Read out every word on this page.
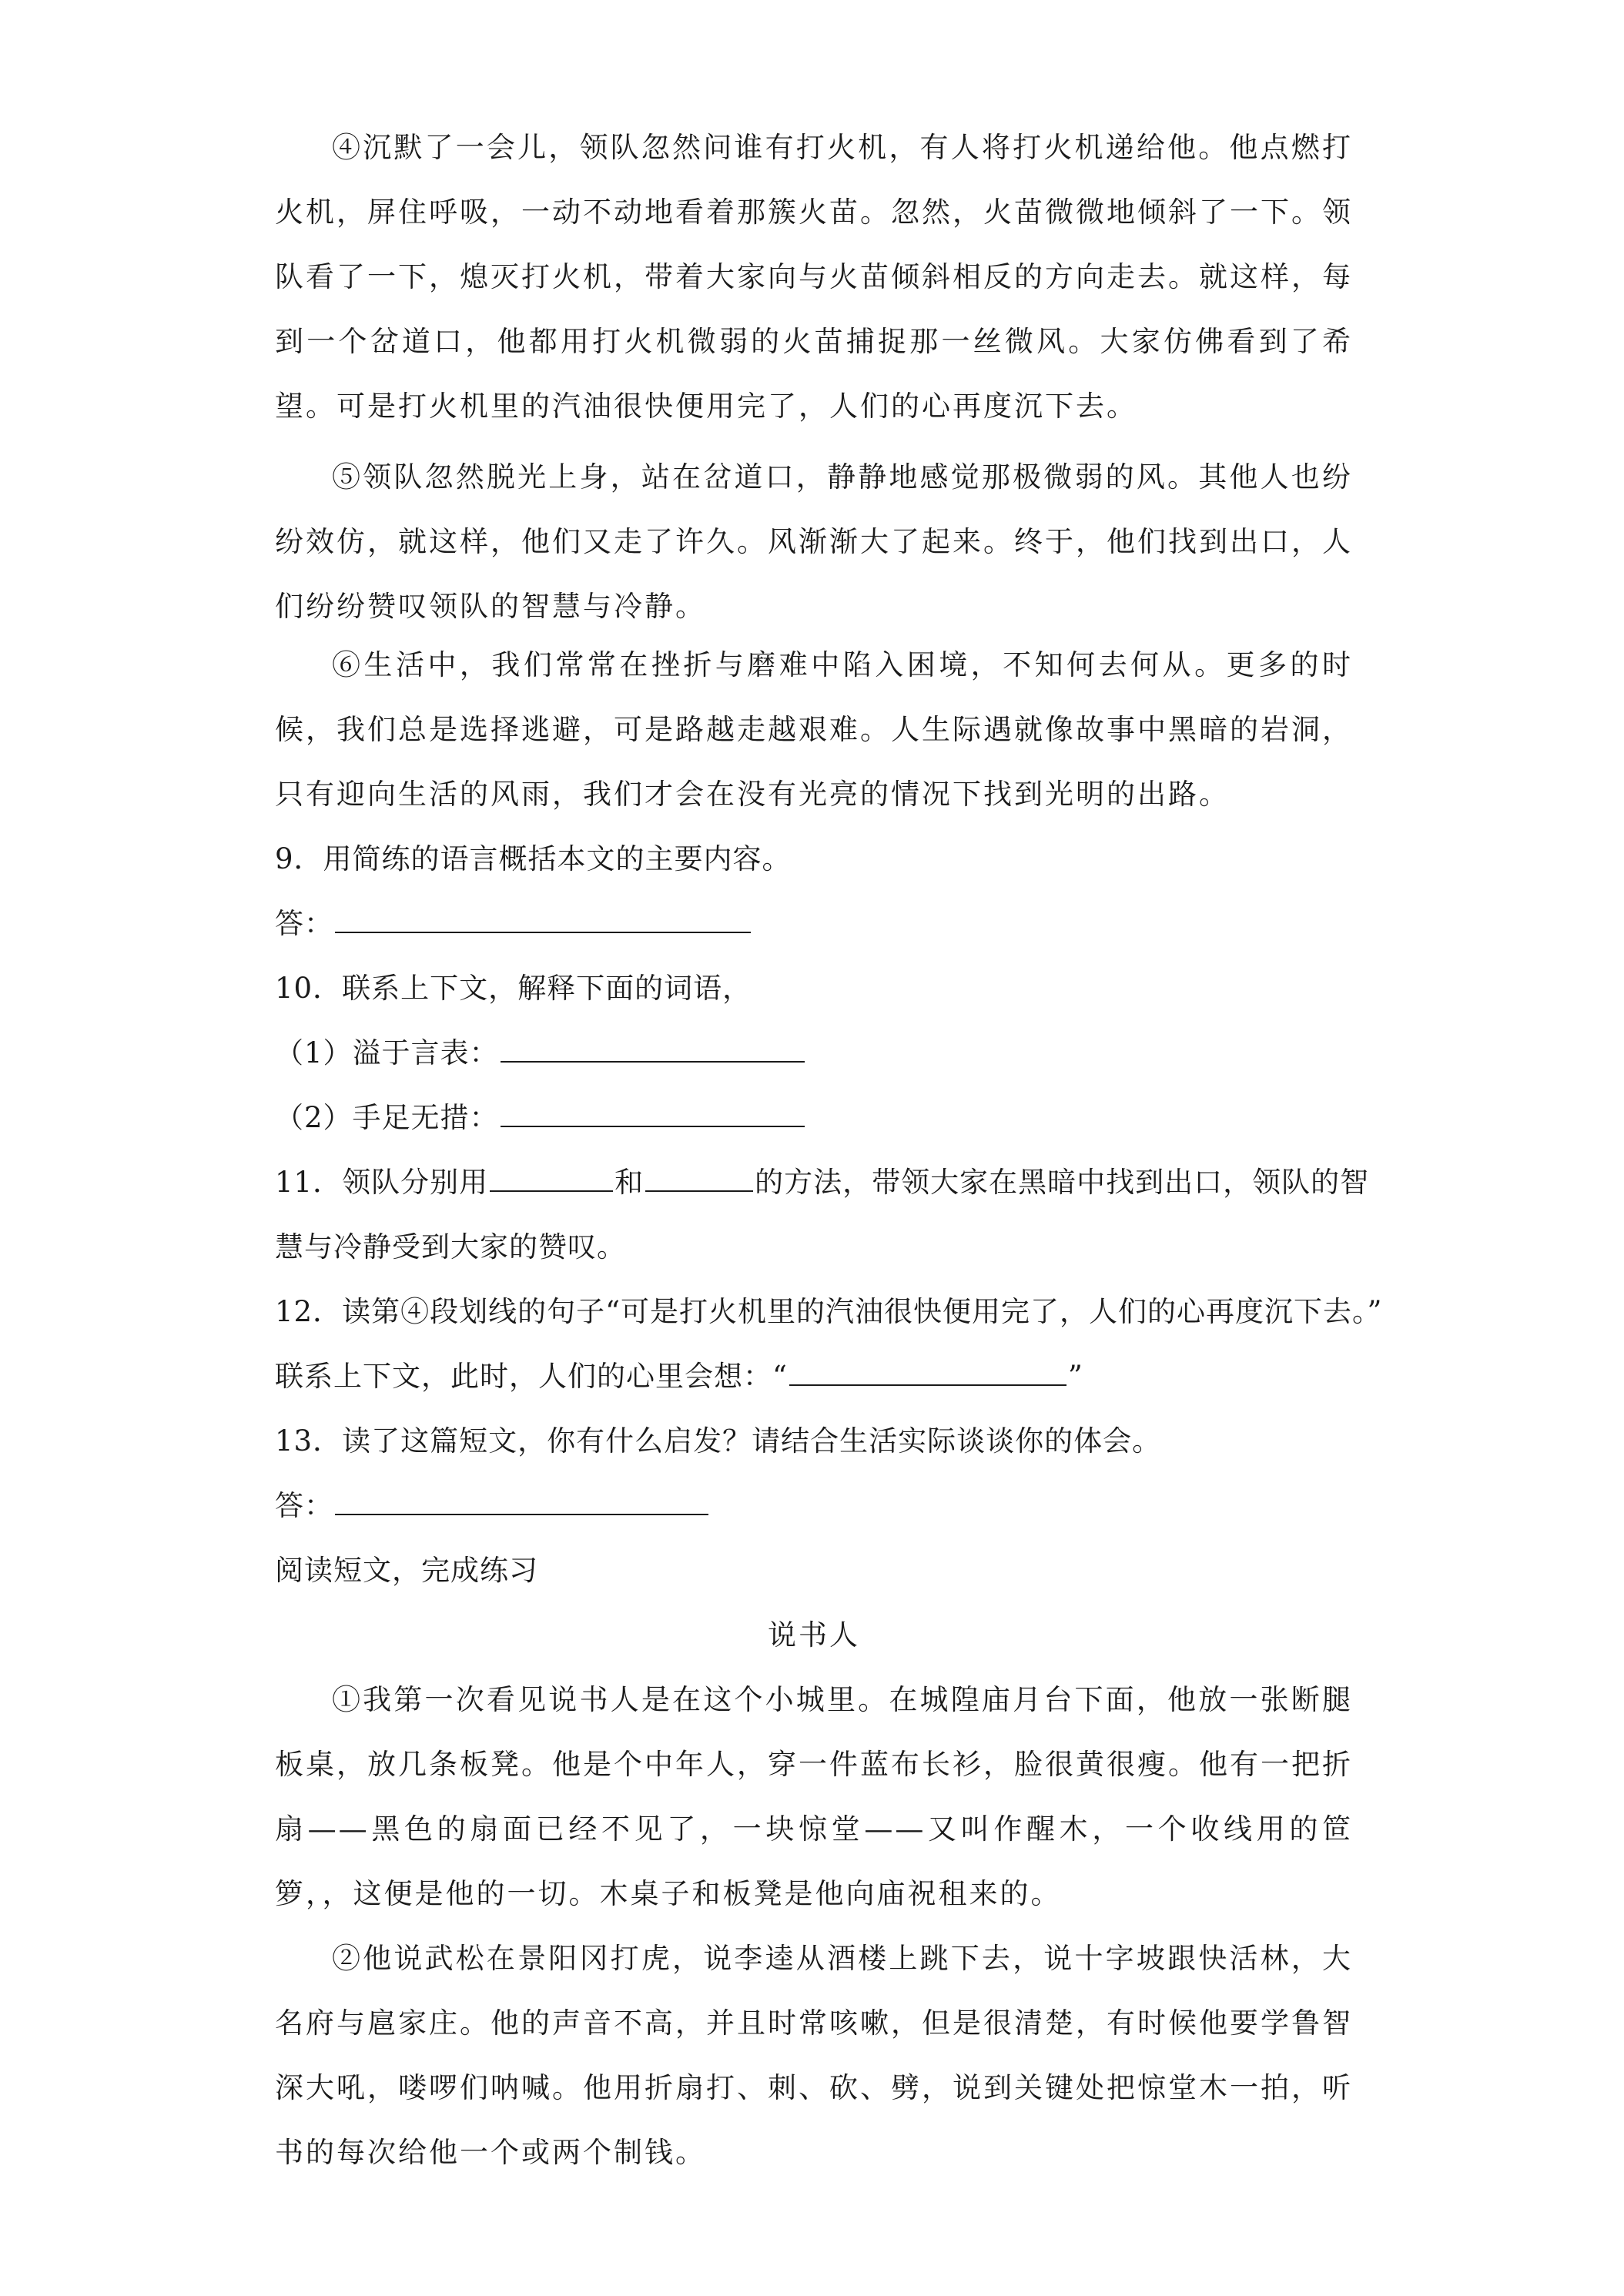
④沉默了一会儿，领队忽然问谁有打火机，有人将打火机递给他。他点燃打火机，屏住呼吸，一动不动地看着那簇火苗。忽然，火苗微微地倾斜了一下。领队看了一下，熄灭打火机，带着大家向与火苗倾斜相反的方向走去。就这样，每到一个岔道口，他都用打火机微弱的火苗捕捉那一丝微风。大家仿佛看到了希望。可是打火机里的汽油很快便用完了，人们的心再度沉下去。

⑤领队忽然脱光上身，站在岔道口，静静地感觉那极微弱的风。其他人也纷纷效仿，就这样，他们又走了许久。风渐渐大了起来。终于，他们找到出口，人们纷纷赞叹领队的智慧与冷静。

⑥生活中，我们常常在挫折与磨难中陷入困境，不知何去何从。更多的时候，我们总是选择逃避，可是路越走越艰难。人生际遇就像故事中黑暗的岩洞，只有迎向生活的风雨，我们才会在没有光亮的情况下找到光明的出路。

9．用简练的语言概括本文的主要内容。

答：

10．联系上下文，解释下面的词语，

（1）溢于言表：

（2）手足无措：

11．领队分别用	和	的方法，带领大家在黑暗中找到出口，领队的智

慧与冷静受到大家的赞叹。

12．读第④段划线的句子“可是打火机里的汽油很快便用完了，人们的心再度沉下去。”

联系上下文，此时，人们的心里会想：“	”

13．读了这篇短文，你有什么启发？请结合生活实际谈谈你的体会。

答：

阅读短文，完成练习

说书人

①我第一次看见说书人是在这个小城里。在城隍庙月台下面，他放一张断腿板桌，放几条板凳。他是个中年人，穿一件蓝布长衫，脸很黄很瘦。他有一把折扇——黑色的扇面已经不见了，一块惊堂——又叫作醒木，一个收线用的笸箩，，这便是他的一切。木桌子和板凳是他向庙祝租来的。

②他说武松在景阳冈打虎，说李逵从酒楼上跳下去，说十字坡跟快活林，大名府与扈家庄。他的声音不高，并且时常咳嗽，但是很清楚，有时候他要学鲁智深大吼，喽啰们呐喊。他用折扇打、刺、砍、劈，说到关键处把惊堂木一拍，听书的每次给他一个或两个制钱。
